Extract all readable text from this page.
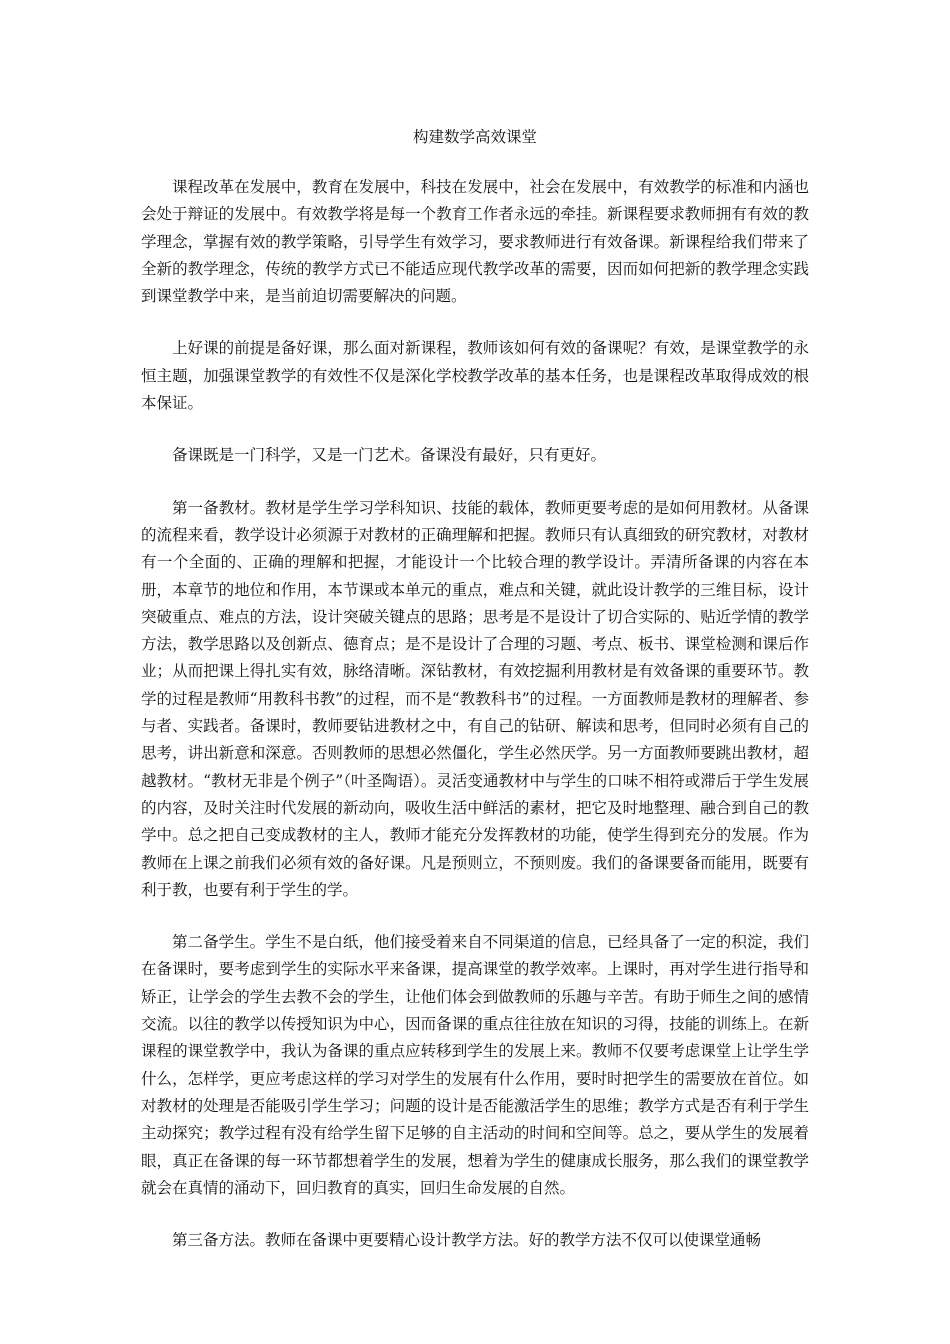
构建数学高效课堂

课程改革在发展中，教育在发展中，科技在发展中，社会在发展中，有效教学的标准和内涵也会处于辩证的发展中。有效教学将是每一个教育工作者永远的牵挂。新课程要求教师拥有有效的教学理念，掌握有效的教学策略，引导学生有效学习，要求教师进行有效备课。新课程给我们带来了全新的教学理念，传统的教学方式已不能适应现代教学改革的需要，因而如何把新的教学理念实践到课堂教学中来，是当前迫切需要解决的问题。

上好课的前提是备好课，那么面对新课程，教师该如何有效的备课呢？有效，是课堂教学的永恒主题，加强课堂教学的有效性不仅是深化学校教学改革的基本任务，也是课程改革取得成效的根本保证。

备课既是一门科学，又是一门艺术。备课没有最好，只有更好。

第一备教材。教材是学生学习学科知识、技能的载体，教师更要考虑的是如何用教材。从备课的流程来看，教学设计必须源于对教材的正确理解和把握。教师只有认真细致的研究教材，对教材有一个全面的、正确的理解和把握，才能设计一个比较合理的教学设计。弄清所备课的内容在本册，本章节的地位和作用，本节课或本单元的重点，难点和关键，就此设计教学的三维目标，设计突破重点、难点的方法，设计突破关键点的思路；思考是不是设计了切合实际的、贴近学情的教学方法，教学思路以及创新点、德育点；是不是设计了合理的习题、考点、板书、课堂检测和课后作业；从而把课上得扎实有效，脉络清晰。深钻教材，有效挖掘利用教材是有效备课的重要环节。教学的过程是教师“用教科书教”的过程，而不是“教教科书”的过程。一方面教师是教材的理解者、参与者、实践者。备课时，教师要钻进教材之中，有自己的钻研、解读和思考，但同时必须有自己的思考，讲出新意和深意。否则教师的思想必然僵化，学生必然厌学。另一方面教师要跳出教材，超越教材。“教材无非是个例子”（叶圣陶语）。灵活变通教材中与学生的口味不相符或滞后于学生发展的内容，及时关注时代发展的新动向，吸收生活中鲜活的素材，把它及时地整理、融合到自己的教学中。总之把自己变成教材的主人，教师才能充分发挥教材的功能，使学生得到充分的发展。作为教师在上课之前我们必须有效的备好课。凡是预则立，不预则废。我们的备课要备而能用，既要有利于教，也要有利于学生的学。

第二备学生。学生不是白纸，他们接受着来自不同渠道的信息，已经具备了一定的积淀，我们在备课时，要考虑到学生的实际水平来备课，提高课堂的教学效率。上课时，再对学生进行指导和矫正，让学会的学生去教不会的学生，让他们体会到做教师的乐趣与辛苦。有助于师生之间的感情交流。以往的教学以传授知识为中心，因而备课的重点往往放在知识的习得，技能的训练上。在新课程的课堂教学中，我认为备课的重点应转移到学生的发展上来。教师不仅要考虑课堂上让学生学什么，怎样学，更应考虑这样的学习对学生的发展有什么作用，要时时把学生的需要放在首位。如对教材的处理是否能吸引学生学习；问题的设计是否能激活学生的思维；教学方式是否有利于学生主动探究；教学过程有没有给学生留下足够的自主活动的时间和空间等。总之，要从学生的发展着眼，真正在备课的每一环节都想着学生的发展，想着为学生的健康成长服务，那么我们的课堂教学就会在真情的涌动下，回归教育的真实，回归生命发展的自然。

第三备方法。教师在备课中更要精心设计教学方法。好的教学方法不仅可以使课堂通畅
